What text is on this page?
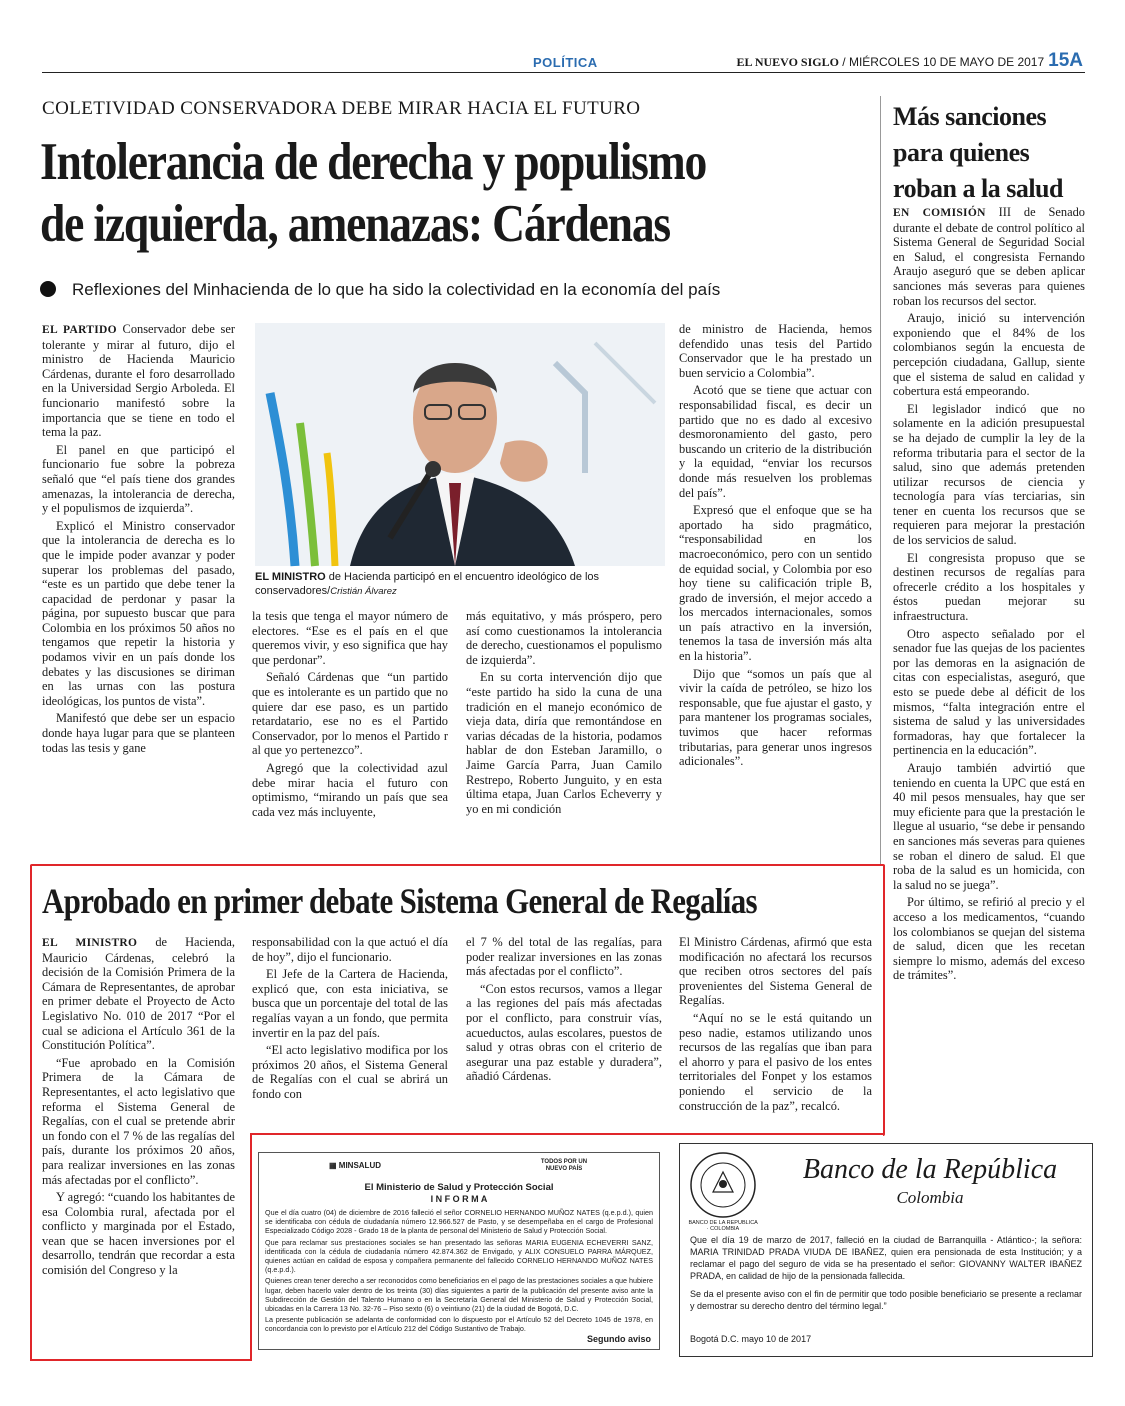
POLÍTICA	EL NUEVO SIGLO / MIÉRCOLES 10 DE MAYO DE 2017 15A
COLETIVIDAD CONSERVADORA DEBE MIRAR HACIA EL FUTURO
Intolerancia de derecha y populismo de izquierda, amenazas: Cárdenas
Reflexiones del Minhacienda de lo que ha sido la colectividad en la economía del país

EL PARTIDO Conservador debe ser tolerante y mirar al futuro, dijo el ministro de Hacienda Mauricio Cárdenas, durante el foro desarrollado en la Universidad Sergio Arboleda. El funcionario manifestó sobre la importancia que se tiene en todo el tema la paz.

El panel en que participó el funcionario fue sobre la pobreza señaló que “el país tiene dos grandes amenazas, la intolerancia de derecha, y el populismos de izquierda”.

Explicó el Ministro conservador que la intolerancia de derecha es lo que le impide poder avanzar y poder superar los problemas del pasado, “este es un partido que debe tener la capacidad de perdonar y pasar la página, por supuesto buscar que para Colombia en los próximos 50 años no tengamos que repetir la historia y podamos vivir en un país donde los debates y las discusiones se diriman en las urnas con las postura ideológicas, los puntos de vista”.

Manifestó que debe ser un espacio donde haya lugar para que se planteen todas las tesis y gane

EL MINISTRO de Hacienda participó en el encuentro ideológico de los conservadores/Cristián Álvarez

la tesis que tenga el mayor número de electores. “Ese es el país en el que queremos vivir, y eso significa que hay que perdonar”.

Señaló Cárdenas que “un partido que es intolerante es un partido que no quiere dar ese paso, es un partido retardatario, ese no es el Partido Conservador, por lo menos el Partido r al que yo pertenezco”.

Agregó que la colectividad azul debe mirar hacia el futuro con optimismo, “mirando un país que sea cada vez más incluyente,

más equitativo, y más próspero, pero así como cuestionamos la intolerancia de derecho, cuestionamos el populismo de izquierda”.

En su corta intervención dijo que “este partido ha sido la cuna de una tradición en el manejo económico de vieja data, diría que remontándose en varias décadas de la historia, podamos hablar de don Esteban Jaramillo, o Jaime García Parra, Juan Camilo Restrepo, Roberto Junguito, y en esta última etapa, Juan Carlos Echeverry y yo en mi condición

de ministro de Hacienda, hemos defendido unas tesis del Partido Conservador que le ha prestado un buen servicio a Colombia”.

Acotó que se tiene que actuar con responsabilidad fiscal, es decir un partido que no es dado al excesivo desmoronamiento del gasto, pero buscando un criterio de la distribución y la equidad, “enviar los recursos donde más resuelven los problemas del país”.

Expresó que el enfoque que se ha aportado ha sido pragmático, “responsabilidad en los macroeconómico, pero con un sentido de equidad social, y Colombia por eso hoy tiene su calificación triple B, grado de inversión, el mejor accedo a los mercados internacionales, somos un país atractivo en la inversión, tenemos la tasa de inversión más alta en la historia”.

Dijo que “somos un país que al vivir la caída de petróleo, se hizo los responsable, que fue ajustar el gasto, y para mantener los programas sociales, tuvimos que hacer reformas tributarias, para generar unos ingresos adicionales”.

Más sanciones para quienes roban a la salud

EN COMISIÓN III de Senado durante el debate de control político al Sistema General de Seguridad Social en Salud, el congresista Fernando Araujo aseguró que se deben aplicar sanciones más severas para quienes roban los recursos del sector.

Araujo, inició su intervención exponiendo que el 84% de los colombianos según la encuesta de percepción ciudadana, Gallup, siente que el sistema de salud en calidad y cobertura está empeorando.

El legislador indicó que no solamente en la adición presupuestal se ha dejado de cumplir la ley de la reforma tributaria para el sector de la salud, sino que además pretenden utilizar recursos de ciencia y tecnología para vías terciarias, sin tener en cuenta los recursos que se requieren para mejorar la prestación de los servicios de salud.

El congresista propuso que se destinen recursos de regalías para ofrecerle crédito a los hospitales y éstos puedan mejorar su infraestructura.

Otro aspecto señalado por el senador fue las quejas de los pacientes por las demoras en la asignación de citas con especialistas, aseguró, que esto se puede debe al déficit de los mismos, “falta integración entre el sistema de salud y las universidades formadoras, hay que fortalecer la pertinencia en la educación”.

Araujo también advirtió que teniendo en cuenta la UPC que está en 40 mil pesos mensuales, hay que ser muy eficiente para que la prestación le llegue al usuario, “se debe ir pensando en sanciones más severas para quienes se roban el dinero de salud. El que roba de la salud es un homicida, con la salud no se juega”.

Por último, se refirió al precio y el acceso a los medicamentos, “cuando los colombianos se quejan del sistema de salud, dicen que les recetan siempre lo mismo, además del exceso de trámites”.

Aprobado en primer debate Sistema General de Regalías

EL MINISTRO de Hacienda, Mauricio Cárdenas, celebró la decisión de la Comisión Primera de la Cámara de Representantes, de aprobar en primer debate el Proyecto de Acto Legislativo No. 010 de 2017 “Por el cual se adiciona el Artículo 361 de la Constitución Política”.

“Fue aprobado en la Comisión Primera de la Cámara de Representantes, el acto legislativo que reforma el Sistema General de Regalías, con el cual se pretende abrir un fondo con el 7 % de las regalías del país, durante los próximos 20 años, para realizar inversiones en las zonas más afectadas por el conflicto”.

Y agregó: “cuando los habitantes de esa Colombia rural, afectada por el conflicto y marginada por el Estado, vean que se hacen inversiones por el desarrollo, tendrán que recordar a esta comisión del Congreso y la

responsabilidad con la que actuó el día de hoy”, dijo el funcionario.

El Jefe de la Cartera de Hacienda, explicó que, con esta iniciativa, se busca que un porcentaje del total de las regalías vayan a un fondo, que permita invertir en la paz del país.

“El acto legislativo modifica por los próximos 20 años, el Sistema General de Regalías con el cual se abrirá un fondo con

el 7 % del total de las regalías, para poder realizar inversiones en las zonas más afectadas por el conflicto”.

“Con estos recursos, vamos a llegar a las regiones del país más afectadas por el conflicto, para construir vías, acueductos, aulas escolares, puestos de salud y otras obras con el criterio de asegurar una paz estable y duradera”, añadió Cárdenas.

El Ministro Cárdenas, afirmó que esta modificación no afectará los recursos que reciben otros sectores del país provenientes del Sistema General de Regalías.

“Aquí no se le está quitando un peso nadie, estamos utilizando unos recursos de las regalías que iban para el ahorro y para el pasivo de los entes territoriales del Fonpet y los estamos poniendo el servicio de la construcción de la paz”, recalcó.

▦ MINSALUD	TODOS POR UN NUEVO PAÍS
El Ministerio de Salud y Protección Social
I N F O R M A
Que el día cuatro (04) de diciembre de 2016 falleció el señor CORNELIO HERNANDO MUÑOZ NATES (q.e.p.d.), quien se identificaba con cédula de ciudadanía número 12.966.527 de Pasto, y se desempeñaba en el cargo de Profesional Especializado Código 2028 - Grado 18 de la planta de personal del Ministerio de Salud y Protección Social.
Que para reclamar sus prestaciones sociales se han presentado las señoras MARIA EUGENIA ECHEVERRI SANZ, identificada con la cédula de ciudadanía número 42.874.362 de Envigado, y ALIX CONSUELO PARRA MÁRQUEZ, quienes actúan en calidad de esposa y compañera permanente del fallecido CORNELIO HERNANDO MUÑOZ NATES (q.e.p.d.).
Quienes crean tener derecho a ser reconocidos como beneficiarios en el pago de las prestaciones sociales a que hubiere lugar, deben hacerlo valer dentro de los treinta (30) días siguientes a partir de la publicación del presente aviso ante la Subdirección de Gestión del Talento Humano o en la Secretaría General del Ministerio de Salud y Protección Social, ubicadas en la Carrera 13 No. 32-76 – Piso sexto (6) o veintiuno (21) de la ciudad de Bogotá, D.C.
La presente publicación se adelanta de conformidad con lo dispuesto por el Artículo 52 del Decreto 1045 de 1978, en concordancia con lo previsto por el Artículo 212 del Código Sustantivo de Trabajo.
Segundo aviso
BANCO DE LA REPUBLICA · COLOMBIA
Banco de la República
Colombia
Que el día 19 de marzo de 2017, falleció en la ciudad de Barranquilla - Atlántico-; la señora: MARIA TRINIDAD PRADA VIUDA DE IBAÑEZ, quien era pensionada de esta Institución; y a reclamar el pago del seguro de vida se ha presentado el señor: GIOVANNY WALTER IBAÑEZ PRADA, en calidad de hijo de la pensionada fallecida.
Se da el presente aviso con el fin de permitir que todo posible beneficiario se presente a reclamar y demostrar su derecho dentro del término legal.”
Bogotá D.C. mayo 10 de 2017
